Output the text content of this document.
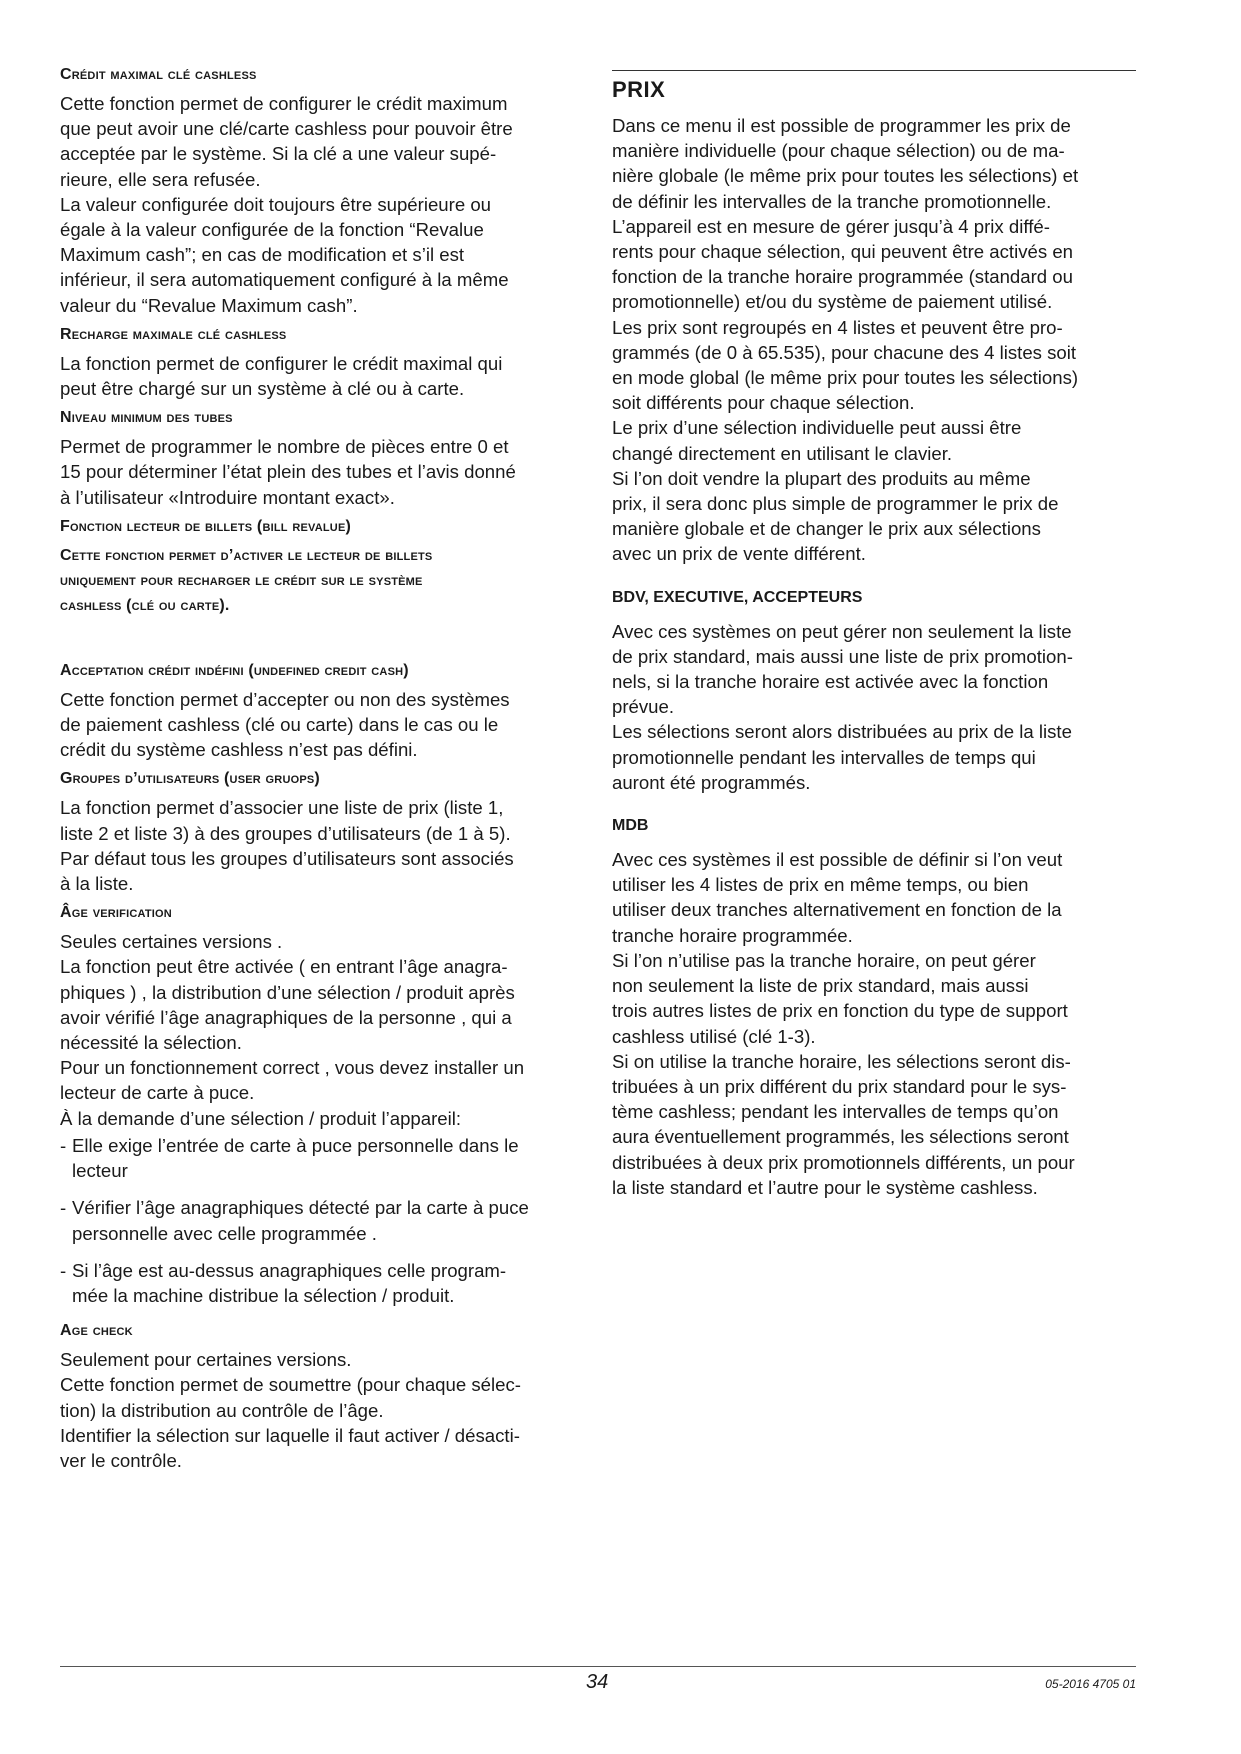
Crédit maximal clé cashless

Cette fonction permet de configurer le crédit maximum

que peut avoir une clé/carte cashless pour pouvoir être

acceptée par le système. Si la clé a une valeur supé-

rieure, elle sera refusée.

La valeur configurée doit toujours être supérieure ou

égale à la valeur configurée de la fonction “Revalue

Maximum cash”; en cas de modification et s’il est

inférieur, il sera automatiquement configuré à la même

valeur du “Revalue Maximum cash”.

Recharge maximale clé cashless

La fonction permet de configurer le crédit maximal qui

peut être chargé sur un système à clé ou à carte.

Niveau minimum des tubes

Permet de programmer le nombre de pièces entre 0 et

15 pour déterminer l’état plein des tubes et l’avis donné

à l’utilisateur «Introduire montant exact».

Fonction lecteur de billets (bill revalue)
Cette fonction permet d’activer le lecteur de billets
uniquement pour recharger le crédit sur le système
cashless (clé ou carte).
Acceptation crédit indéfini (undefined credit cash)

Cette fonction permet d’accepter ou non des systèmes

de paiement cashless (clé ou carte) dans le cas ou le

crédit du système cashless n’est pas défini.

Groupes d’utilisateurs (user gruops)

La fonction permet d’associer une liste de prix (liste 1,

liste 2 et liste 3) à des groupes d’utilisateurs (de 1 à 5).

Par défaut tous les groupes d’utilisateurs sont associés

à la liste.

Âge verification

Seules certaines versions .

La fonction peut être activée ( en entrant l’âge anagra-

phiques ) , la distribution d’une sélection / produit après

avoir vérifié l’âge anagraphiques de la personne , qui a

nécessité la sélection.

Pour un fonctionnement correct , vous devez installer un

lecteur de carte à puce.

À la demande d’une sélection / produit l’appareil:

- Elle exige l’entrée de carte à puce personnelle dans le
lecteur
- Vérifier l’âge anagraphiques détecté par la carte à puce
personnelle avec celle programmée .
- Si l’âge est au-dessus anagraphiques celle program-
mée la machine distribue la sélection / produit.
Age check

Seulement pour certaines versions.

Cette fonction permet de soumettre (pour chaque sélec-

tion) la distribution au contrôle de l’âge.

Identifier la sélection sur laquelle il faut activer / désacti-

ver le contrôle.

PRIX

Dans ce menu il est possible de programmer les prix de

manière individuelle (pour chaque sélection) ou de ma-

nière globale (le même prix pour toutes les sélections) et

de définir les intervalles de la tranche promotionnelle.

L’appareil est en mesure de gérer jusqu’à 4 prix diffé-

rents pour chaque sélection, qui peuvent être activés en

fonction de la tranche horaire programmée (standard ou

promotionnelle) et/ou du système de paiement utilisé.

Les prix sont regroupés en 4 listes et peuvent être pro-

grammés (de 0 à 65.535), pour chacune des 4 listes soit

en mode global (le même prix pour toutes les sélections)

soit différents pour chaque sélection.

Le prix d’une sélection individuelle peut aussi être

changé directement en utilisant le clavier.

Si l’on doit vendre la plupart des produits au même

prix, il sera donc plus simple de programmer le prix de

manière globale et de changer le prix aux sélections

avec un prix de vente différent.

BDV, EXECUTIVE, ACCEPTEURS

Avec ces systèmes on peut gérer non seulement la liste

de prix standard, mais aussi une liste de prix promotion-

nels, si la tranche horaire est activée avec la fonction

prévue.

Les sélections seront alors distribuées au prix de la liste

promotionnelle pendant les intervalles de temps qui

auront été programmés.

MDB

Avec ces systèmes il est possible de définir si l’on veut

utiliser les 4 listes de prix en même temps, ou bien

utiliser deux tranches alternativement en fonction de la

tranche horaire programmée.

Si l’on n’utilise pas la tranche horaire, on peut gérer

non seulement la liste de prix standard, mais aussi

trois autres listes de prix en fonction du type de support

cashless utilisé (clé 1-3).

Si on utilise la tranche horaire, les sélections seront dis-

tribuées à un prix différent du prix standard pour le sys-

tème cashless; pendant les intervalles de temps qu’on

aura éventuellement programmés, les sélections seront

distribuées à deux prix promotionnels différents, un pour

la liste standard et l’autre pour le système cashless.

34	05-2016 4705 01
